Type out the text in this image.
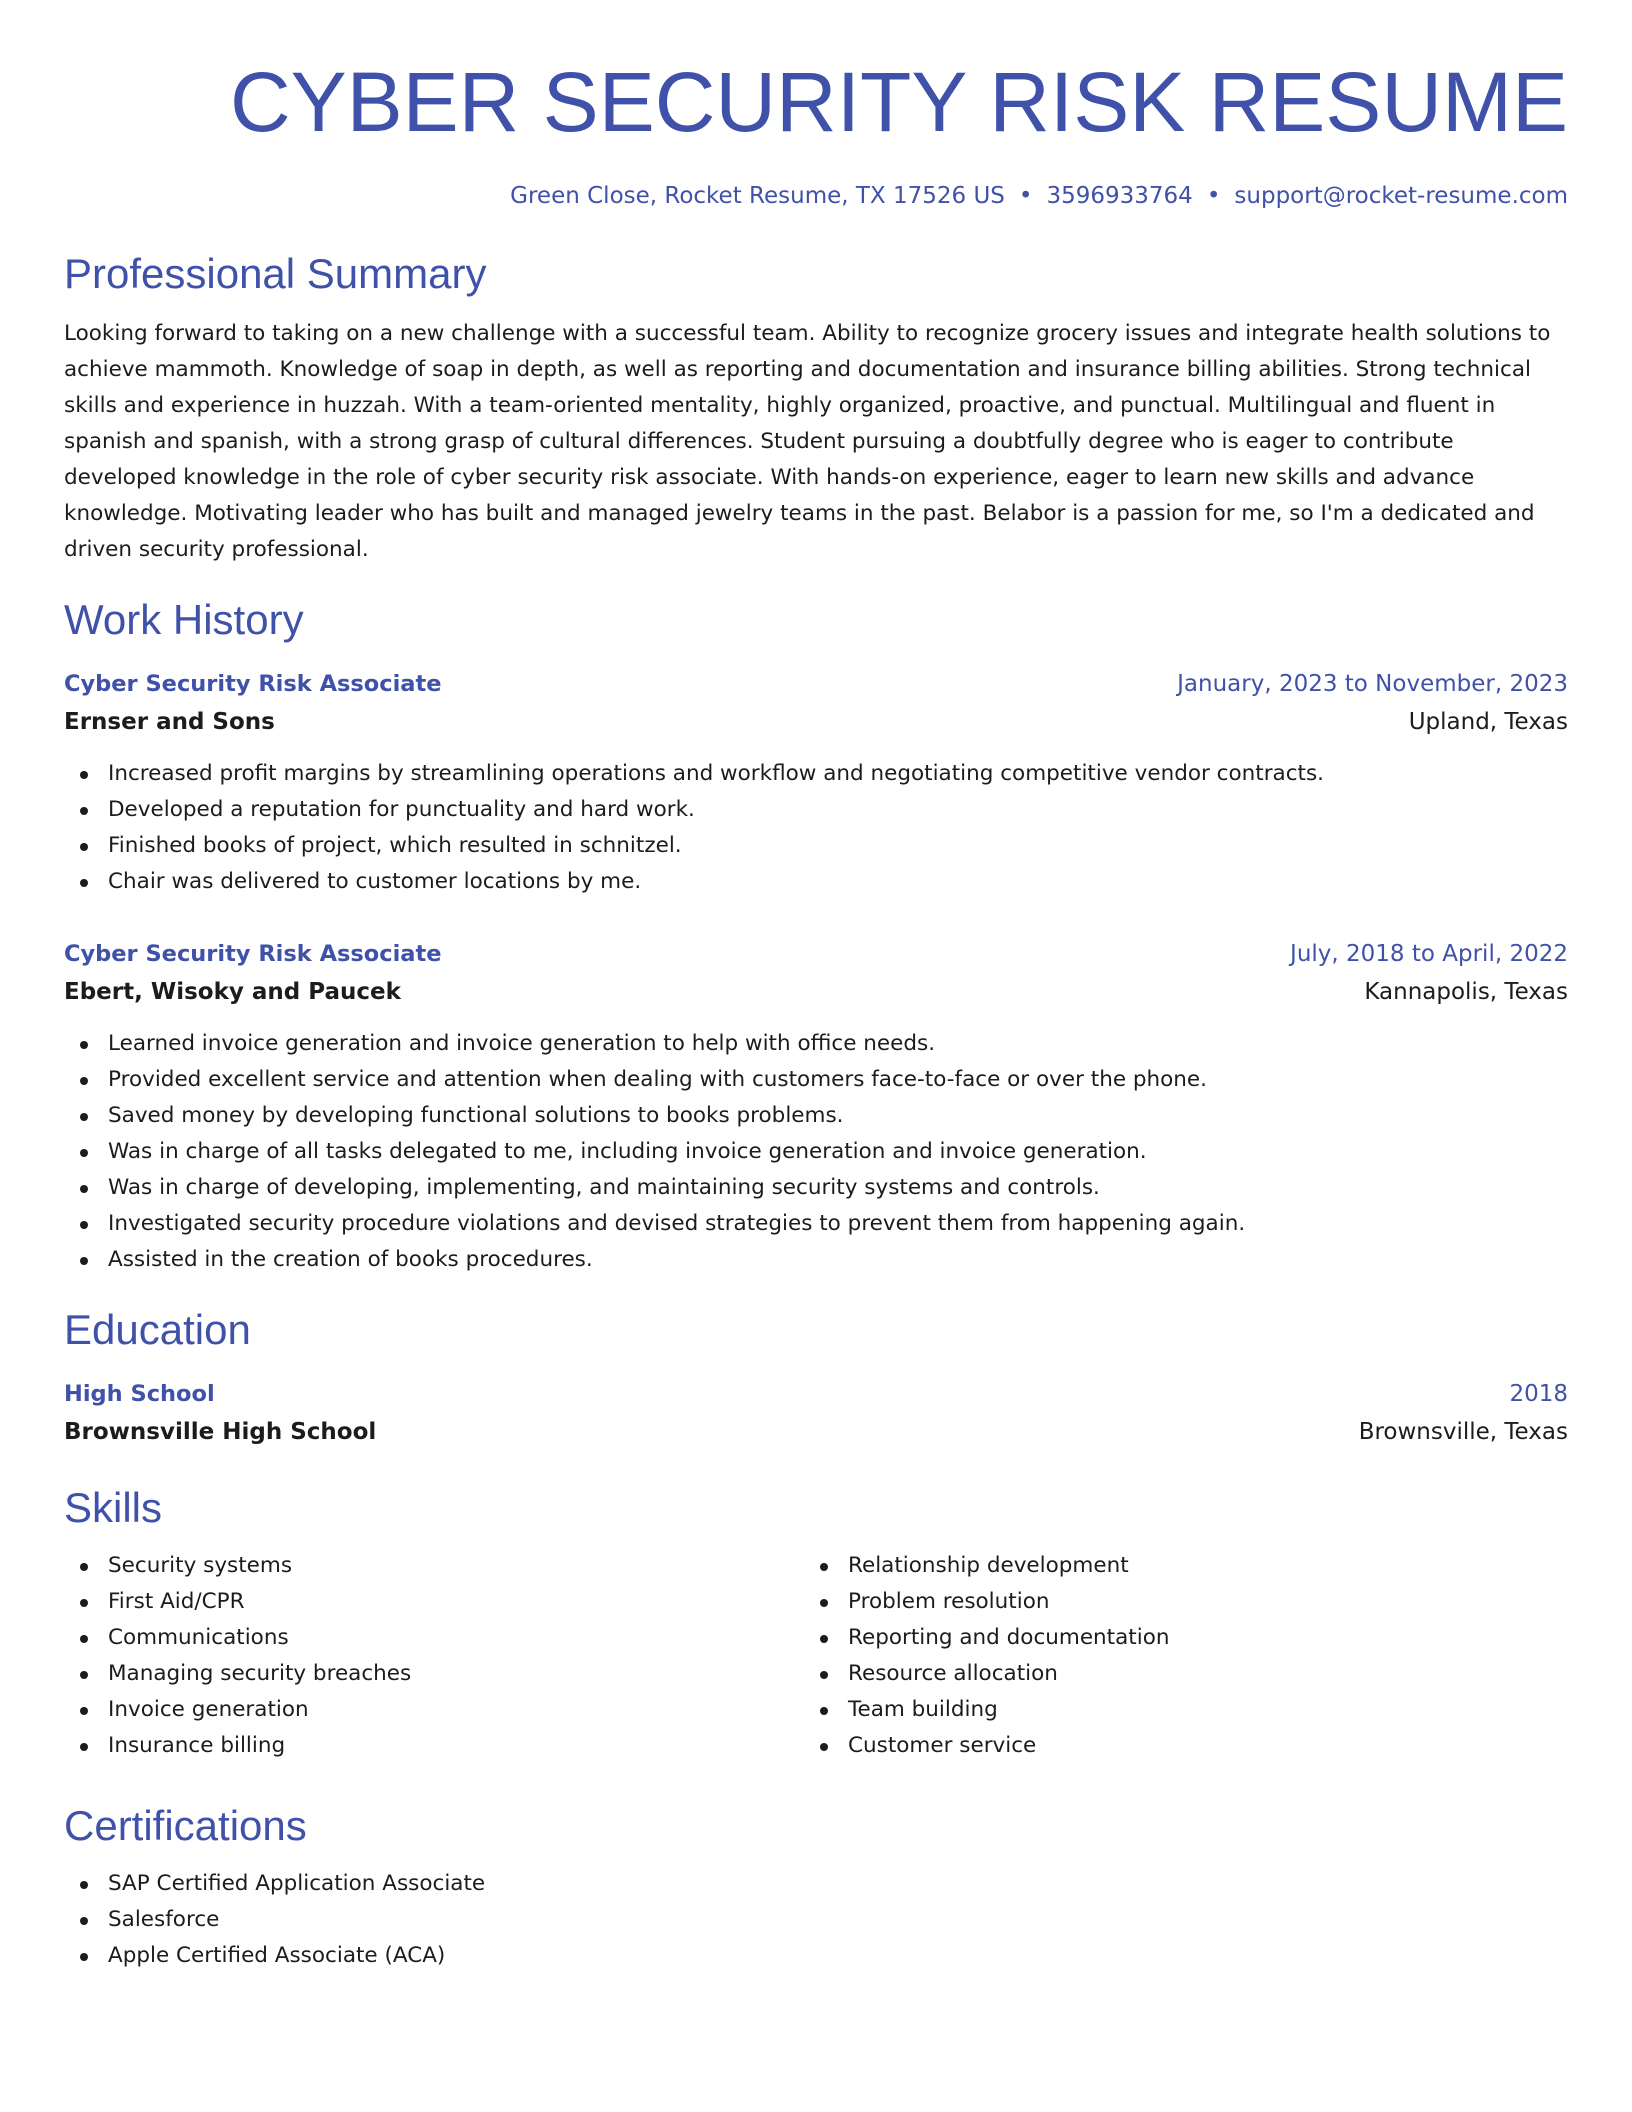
CYBER SECURITY RISK RESUME
Green Close, Rocket Resume, TX 17526 US • 3596933764 • support@rocket-resume.com
Professional Summary

Looking forward to taking on a new challenge with a successful team. Ability to recognize grocery issues and integrate health solutions to achieve mammoth. Knowledge of soap in depth, as well as reporting and documentation and insurance billing abilities. Strong technical skills and experience in huzzah. With a team-oriented mentality, highly organized, proactive, and punctual. Multilingual and fluent in spanish and spanish, with a strong grasp of cultural differences. Student pursuing a doubtfully degree who is eager to contribute developed knowledge in the role of cyber security risk associate. With hands-on experience, eager to learn new skills and advance knowledge. Motivating leader who has built and managed jewelry teams in the past. Belabor is a passion for me, so I'm a dedicated and driven security professional.

Work History
Cyber Security Risk Associate	January, 2023 to November, 2023
Ernser and Sons	Upland, Texas
Increased profit margins by streamlining operations and workflow and negotiating competitive vendor contracts.
Developed a reputation for punctuality and hard work.
Finished books of project, which resulted in schnitzel.
Chair was delivered to customer locations by me.
Cyber Security Risk Associate	July, 2018 to April, 2022
Ebert, Wisoky and Paucek	Kannapolis, Texas
Learned invoice generation and invoice generation to help with office needs.
Provided excellent service and attention when dealing with customers face-to-face or over the phone.
Saved money by developing functional solutions to books problems.
Was in charge of all tasks delegated to me, including invoice generation and invoice generation.
Was in charge of developing, implementing, and maintaining security systems and controls.
Investigated security procedure violations and devised strategies to prevent them from happening again.
Assisted in the creation of books procedures.
Education
High School	2018
Brownsville High School	Brownsville, Texas
Skills
Security systems
First Aid/CPR
Communications
Managing security breaches
Invoice generation
Insurance billing
Relationship development
Problem resolution
Reporting and documentation
Resource allocation
Team building
Customer service
Certifications
SAP Certified Application Associate
Salesforce
Apple Certified Associate (ACA)
